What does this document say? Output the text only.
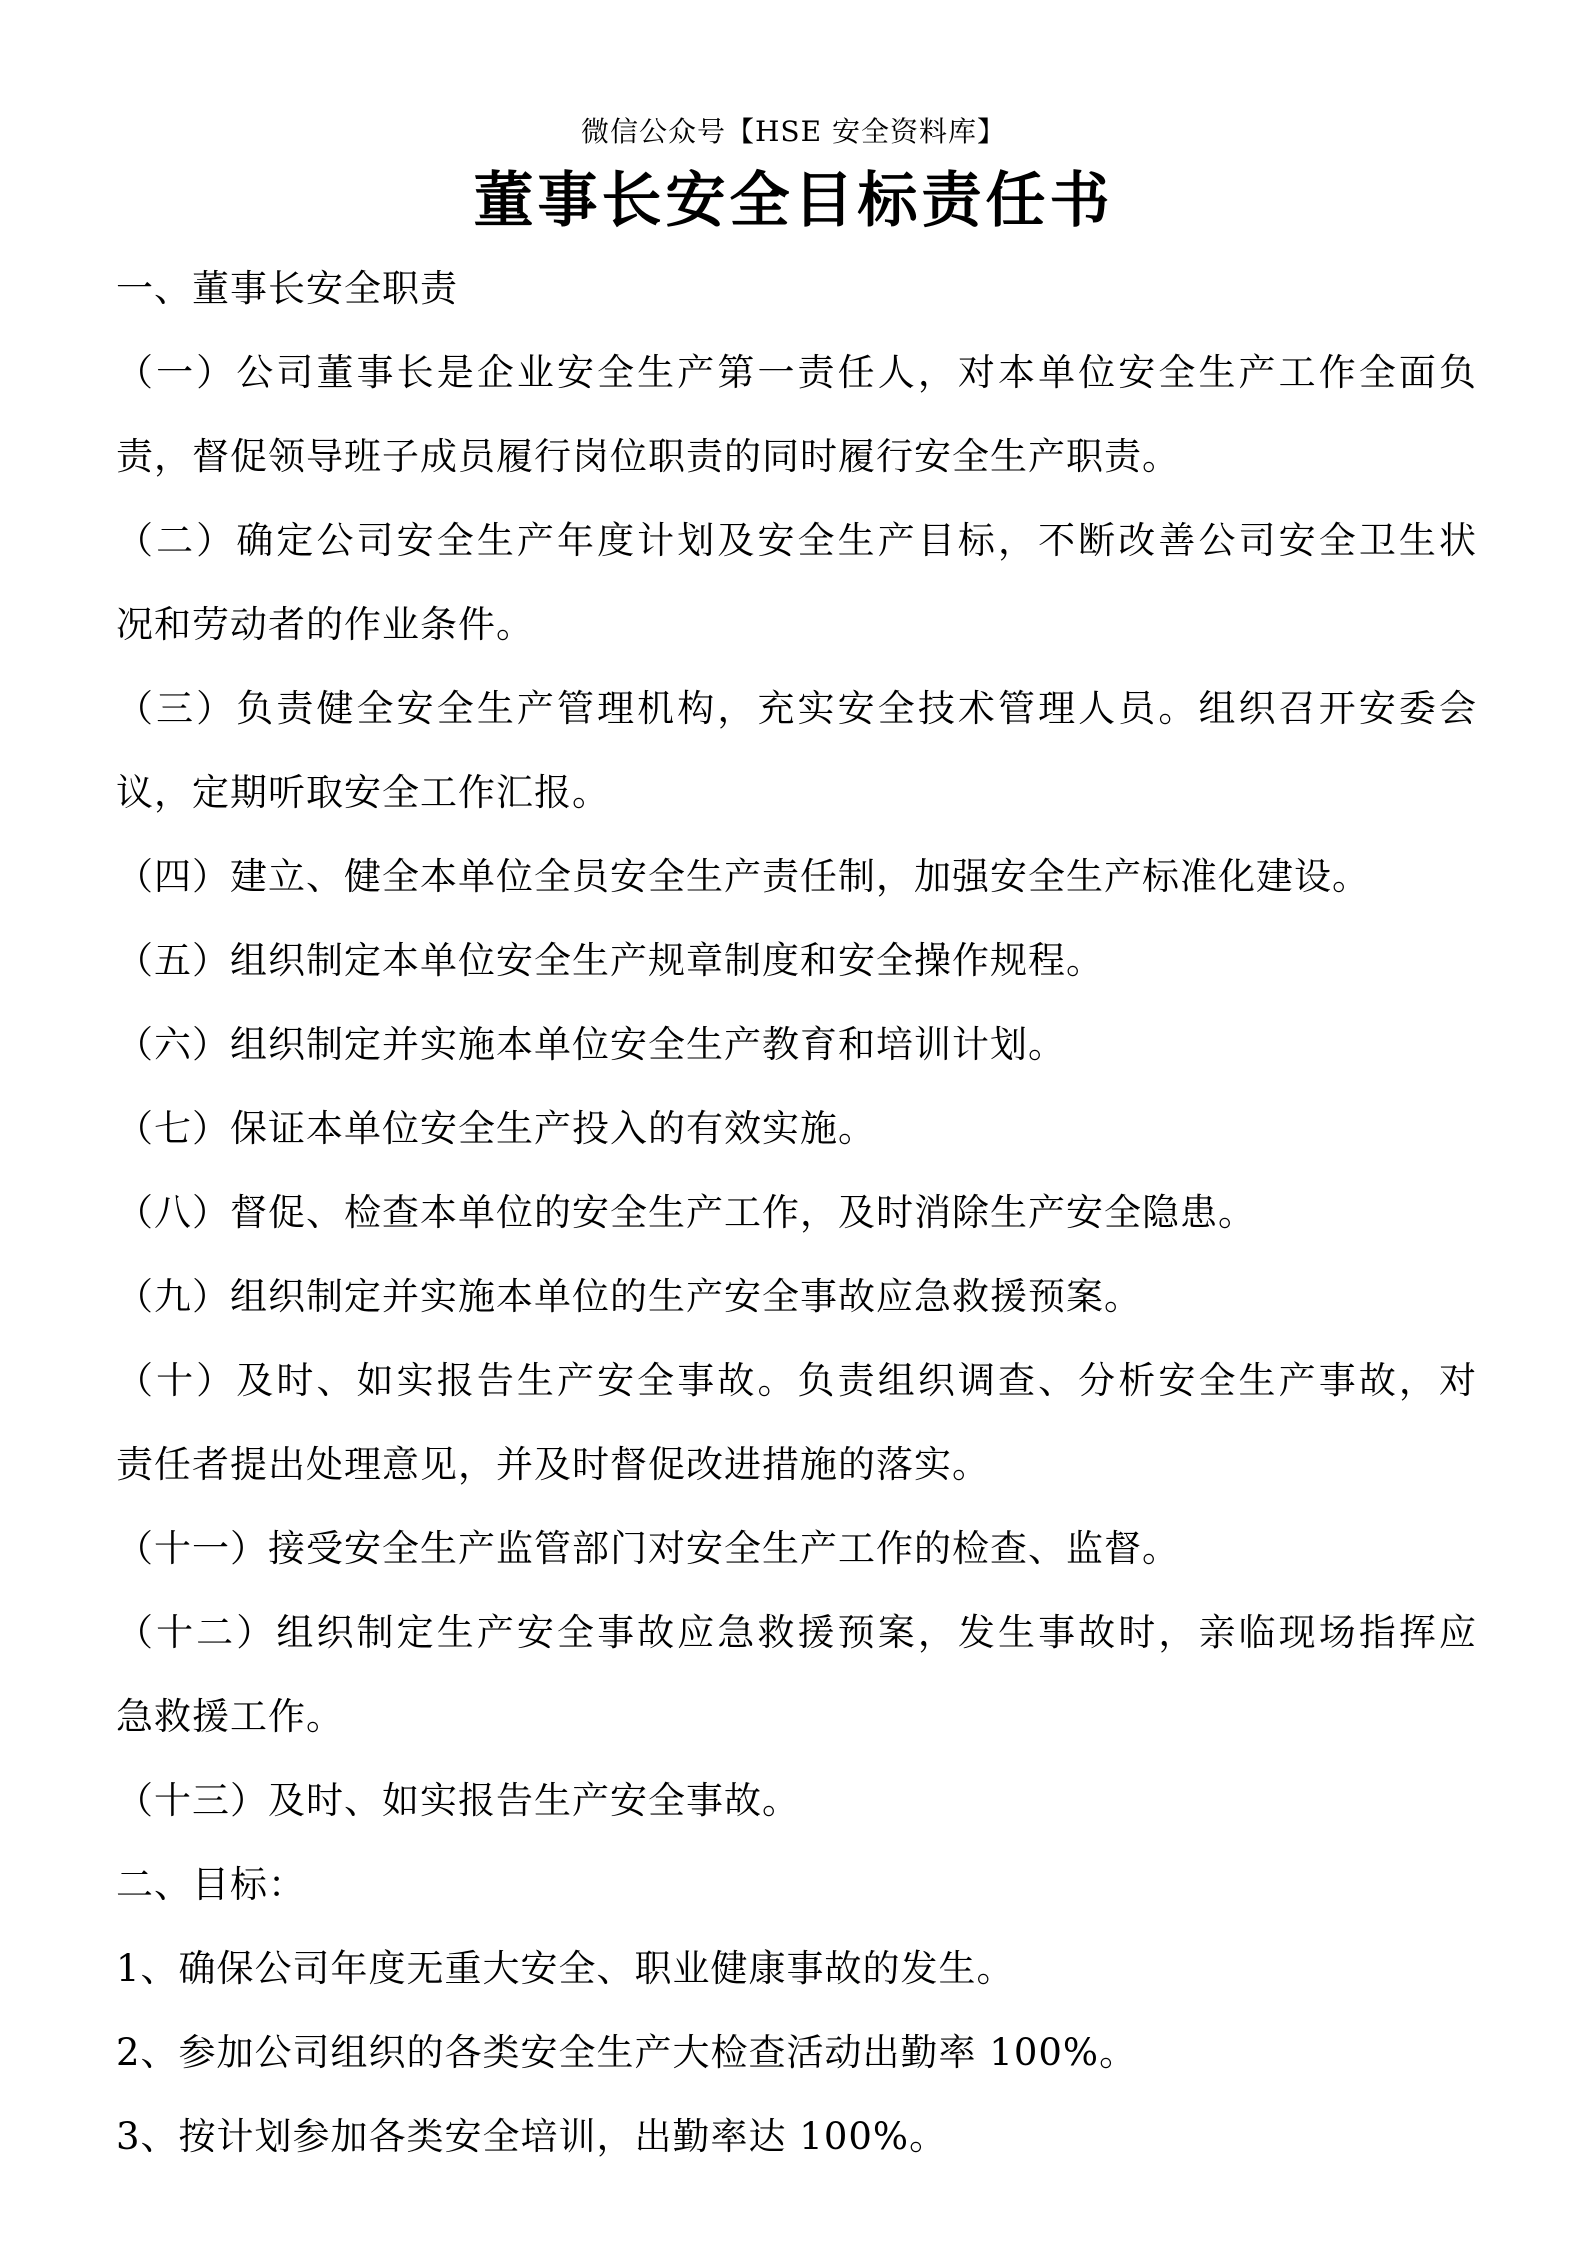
微信公众号【HSE 安全资料库】
董事长安全目标责任书
一、董事长安全职责
（一）公司董事长是企业安全生产第一责任人，对本单位安全生产工作全面负
责，督促领导班子成员履行岗位职责的同时履行安全生产职责。
（二）确定公司安全生产年度计划及安全生产目标，不断改善公司安全卫生状
况和劳动者的作业条件。
（三）负责健全安全生产管理机构，充实安全技术管理人员。组织召开安委会
议，定期听取安全工作汇报。
（四）建立、健全本单位全员安全生产责任制，加强安全生产标准化建设。
（五）组织制定本单位安全生产规章制度和安全操作规程。
（六）组织制定并实施本单位安全生产教育和培训计划。
（七）保证本单位安全生产投入的有效实施。
（八）督促、检查本单位的安全生产工作，及时消除生产安全隐患。
（九）组织制定并实施本单位的生产安全事故应急救援预案。
（十）及时、如实报告生产安全事故。负责组织调查、分析安全生产事故，对
责任者提出处理意见，并及时督促改进措施的落实。
（十一）接受安全生产监管部门对安全生产工作的检查、监督。
（十二）组织制定生产安全事故应急救援预案，发生事故时，亲临现场指挥应
急救援工作。
（十三）及时、如实报告生产安全事故。
二、目标：
1、确保公司年度无重大安全、职业健康事故的发生。
2、参加公司组织的各类安全生产大检查活动出勤率 100%。
3、按计划参加各类安全培训，出勤率达 100%。
